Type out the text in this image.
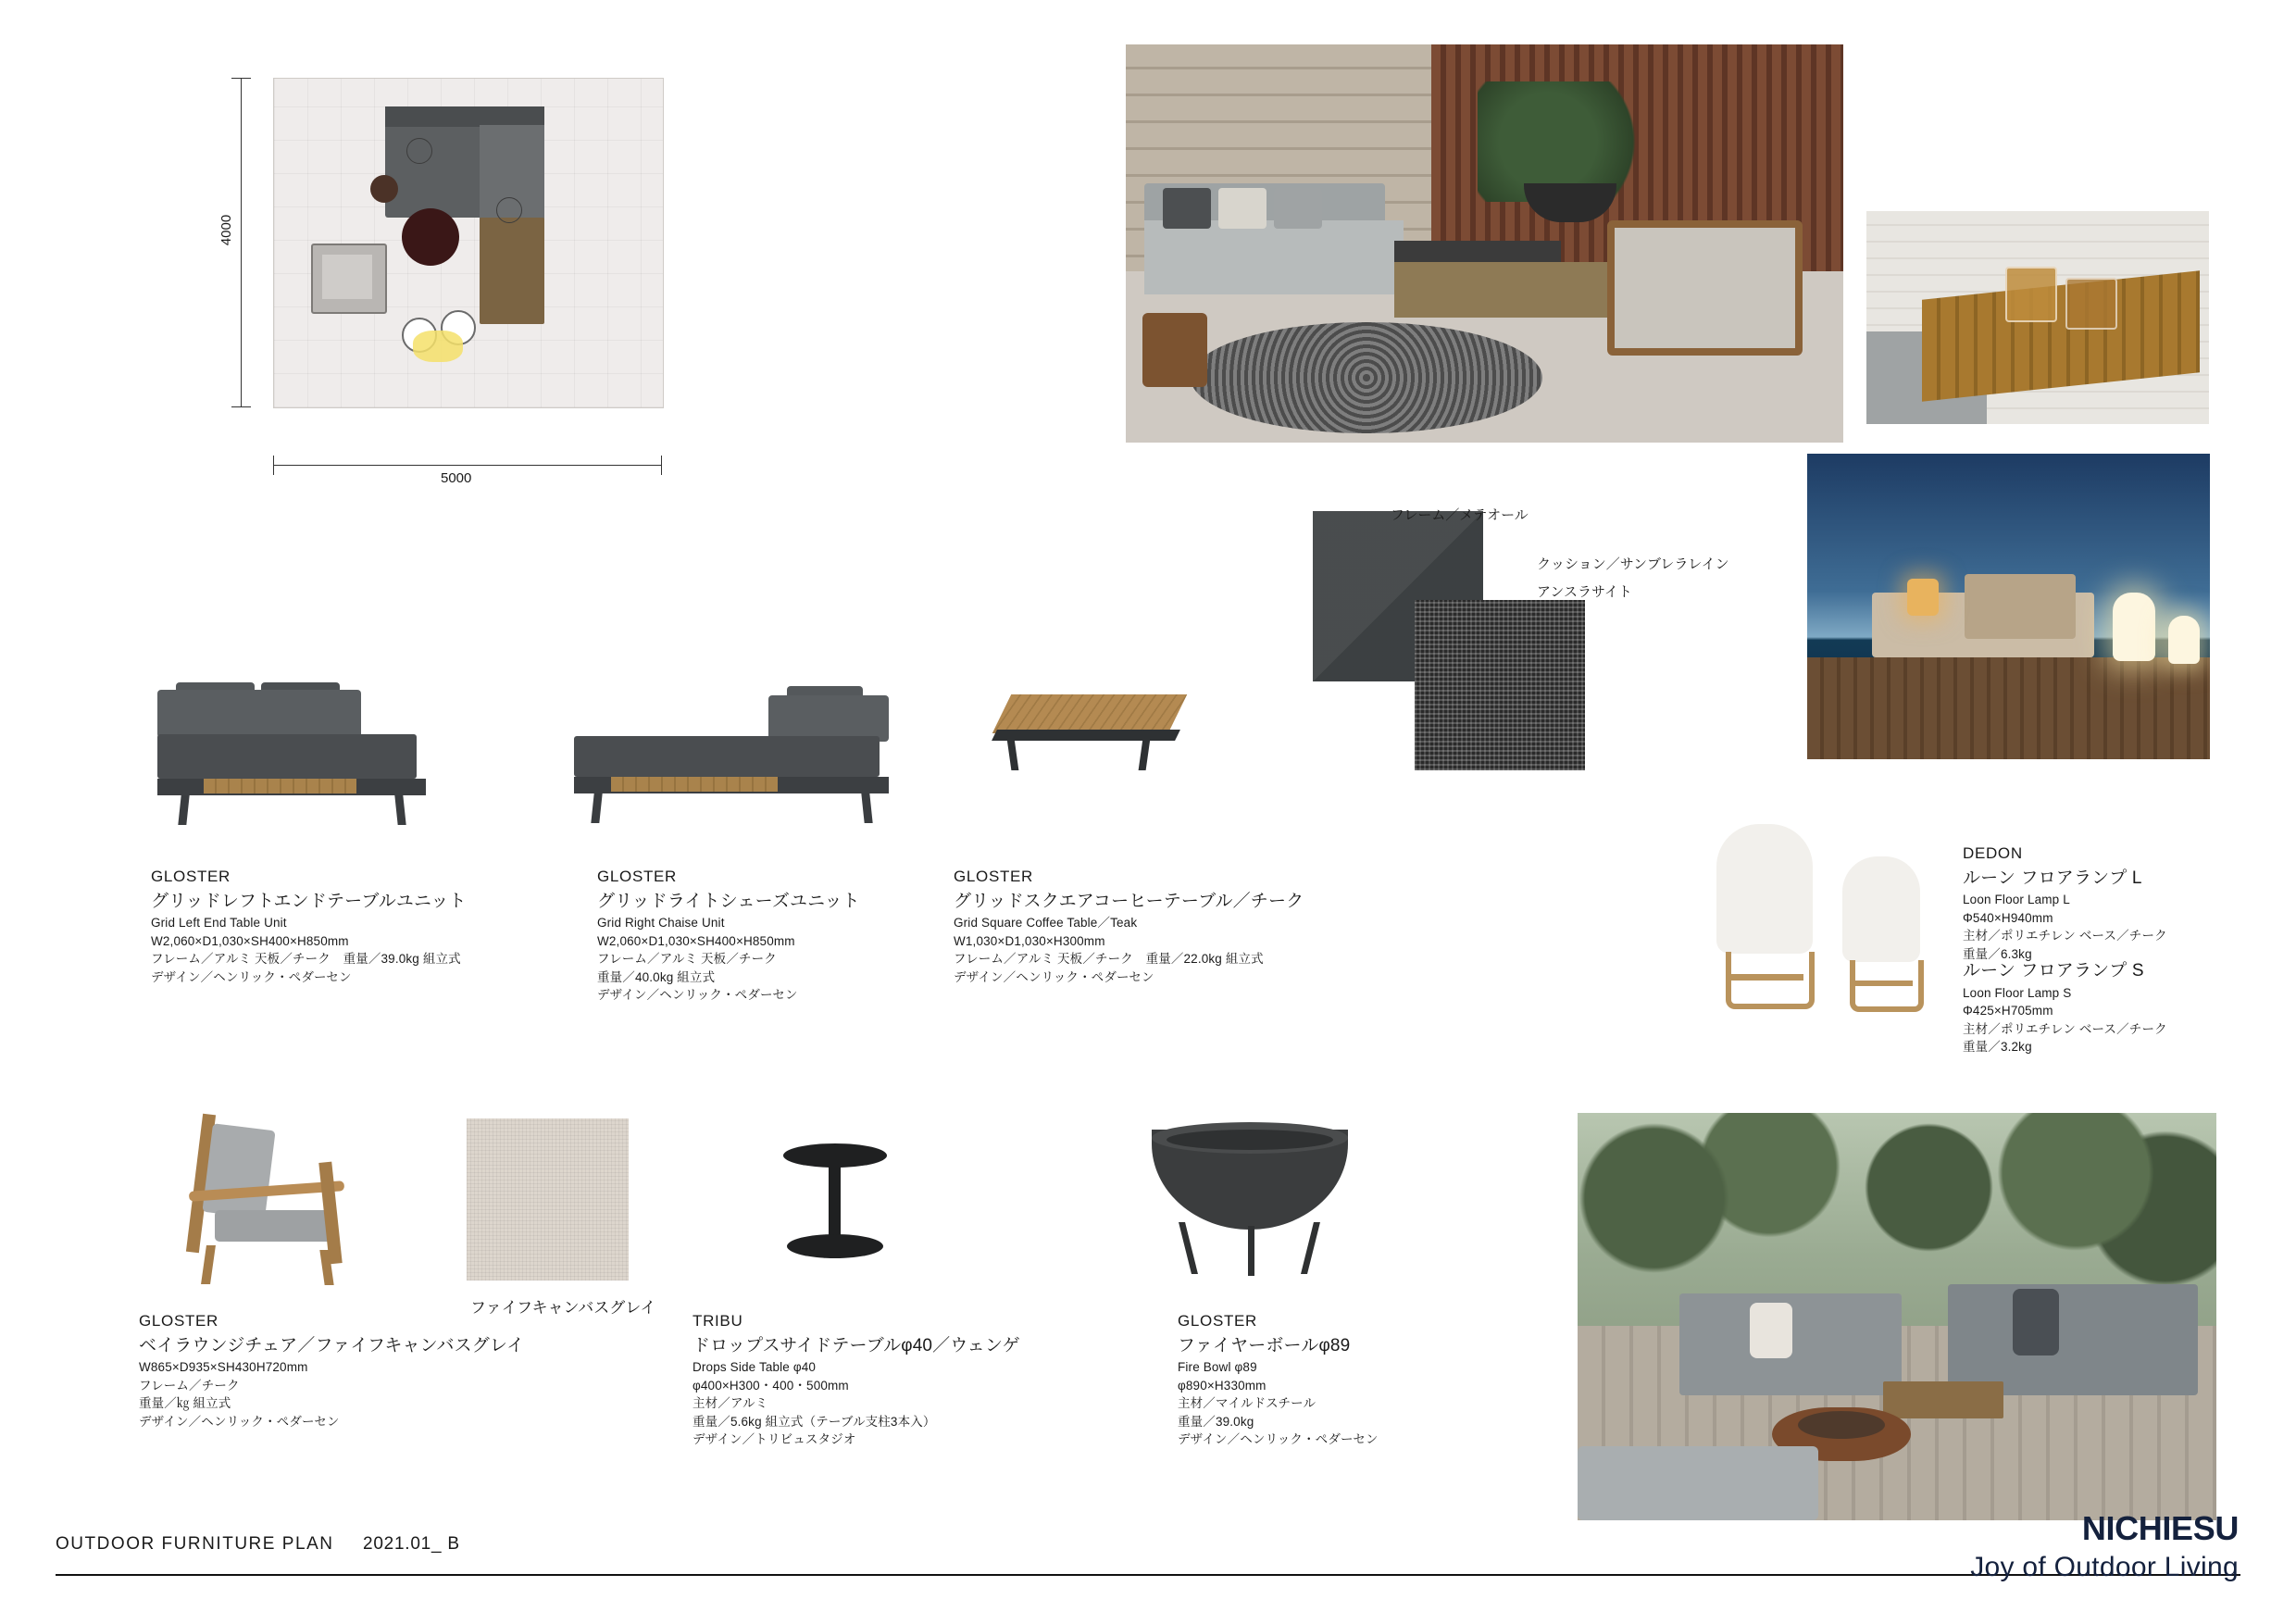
4000
5000
フレーム／メテオール
クッション／サンブレラレイン
アンスラサイト
ファイフキャンバスグレイ
GLOSTER
グリッドレフトエンドテーブルユニット
Grid Left End Table Unit
W2,060×D1,030×SH400×H850mm
フレーム／アルミ 天板／チーク　重量／39.0kg 組立式
デザイン／ヘンリック・ペダーセン
GLOSTER
グリッドライトシェーズユニット
Grid Right Chaise Unit
W2,060×D1,030×SH400×H850mm
フレーム／アルミ 天板／チーク
重量／40.0kg 組立式
デザイン／ヘンリック・ペダーセン
GLOSTER
グリッドスクエアコーヒーテーブル／チーク
Grid Square Coffee Table／Teak
W1,030×D1,030×H300mm
フレーム／アルミ 天板／チーク　重量／22.0kg 組立式
デザイン／ヘンリック・ペダーセン
DEDON
ルーン フロアランプ L
Loon Floor Lamp L
Φ540×H940mm
主材／ポリエチレン ベース／チーク
重量／6.3kg
ルーン フロアランプ S
Loon Floor Lamp S
Φ425×H705mm
主材／ポリエチレン ベース／チーク
重量／3.2kg
GLOSTER
ベイラウンジチェア／ファイフキャンバスグレイ
W865×D935×SH430H720mm
フレーム／チーク
重量／㎏ 組立式
デザイン／ヘンリック・ペダーセン
TRIBU
ドロップスサイドテーブルφ40／ウェンゲ
Drops Side Table φ40
φ400×H300・400・500mm
主材／アルミ
重量／5.6kg 組立式（テーブル支柱3本入）
デザイン／トリビュスタジオ
GLOSTER
ファイヤーボールφ89
Fire Bowl φ89
φ890×H330mm
主材／マイルドスチール
重量／39.0kg
デザイン／ヘンリック・ペダーセン
OUTDOOR FURNITURE PLAN 2021.01_ B	NICHIESU
Joy of Outdoor Living
